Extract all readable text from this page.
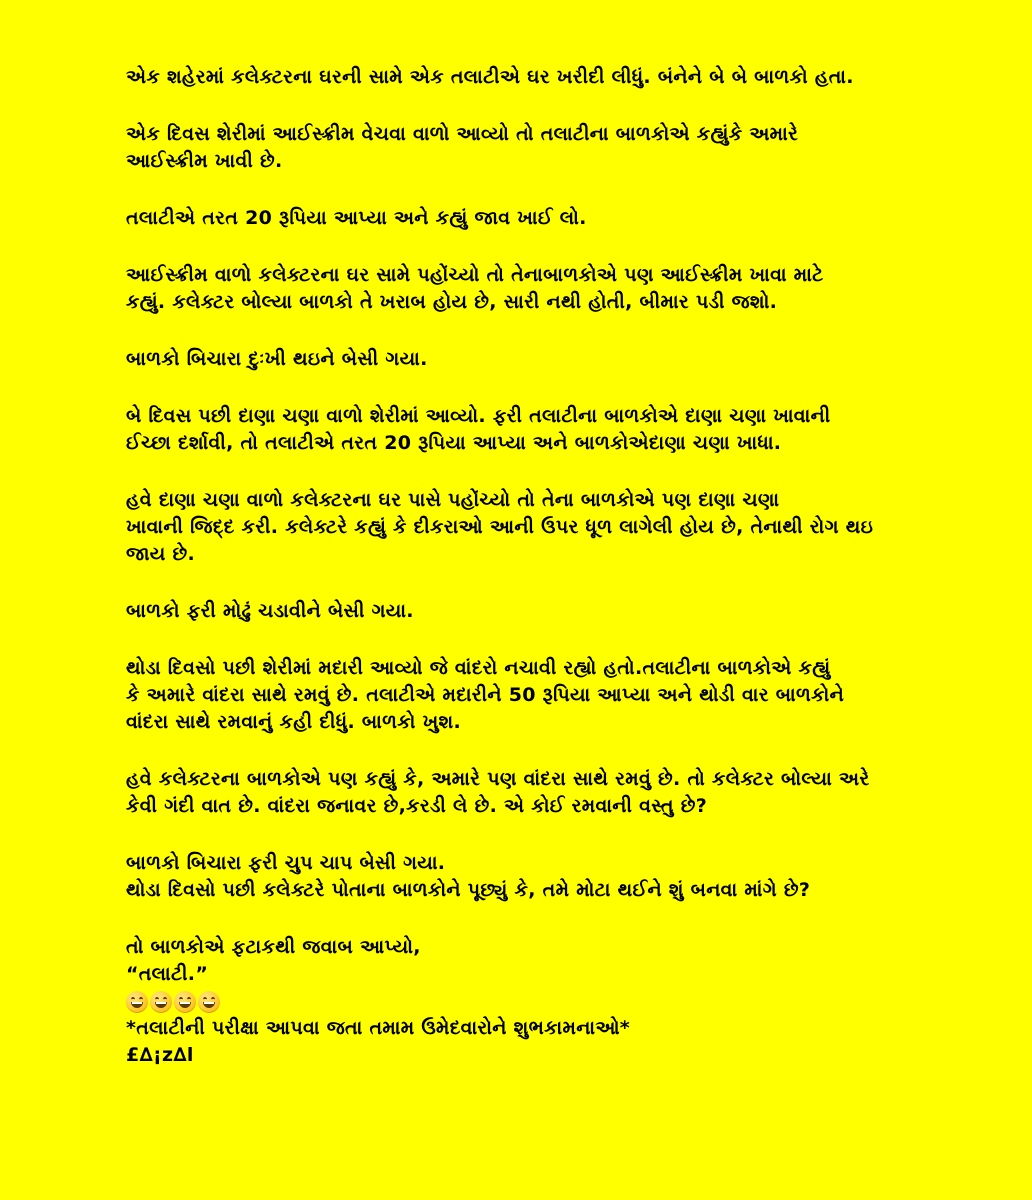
એક શહેરમાં કલેક્ટરના ઘરની સામે એક તલાટીએ ઘર ખરીદી લીધું. બંનેને બે બે બાળકો હતા.
એક દિવસ શેરીમાં આઈસ્ક્રીમ વેચવા વાળો આવ્યો તો તલાટીના બાળકોએ કહ્યુંકે અમારે
આઈસ્ક્રીમ ખાવી છે.
તલાટીએ તરત 20 રૂપિયા આપ્યા અને કહ્યું જાવ ખાઈ લો.
આઈસ્ક્રીમ વાળો કલેક્ટરના ઘર સામે પહોંચ્યો તો તેનાબાળકોએ પણ આઈસ્ક્રીમ ખાવા માટે
કહ્યું. કલેક્ટર બોલ્યા બાળકો તે ખરાબ હોય છે, સારી નથી હોતી, બીમાર પડી જશો.
બાળકો બિચારા દુઃખી થઇને બેસી ગયા.
બે દિવસ પછી દાણા ચણા વાળો શેરીમાં આવ્યો. ફરી તલાટીના બાળકોએ દાણા ચણા ખાવાની
ઈચ્છા દર્શાવી, તો તલાટીએ તરત 20 રૂપિયા આપ્યા અને બાળકોએદાણા ચણા ખાધા.
હવે દાણા ચણા વાળો કલેક્ટરના ઘર પાસે પહોંચ્યો તો તેના બાળકોએ પણ દાણા ચણા
ખાવાની જિદ્દ કરી. કલેક્ટરે કહ્યું કે દીકરાઓ આની ઉપર ધૂળ લાગેલી હોય છે, તેનાથી રોગ થઇ
જાય છે.
બાળકો ફરી મોઢું ચડાવીને બેસી ગયા.
થોડા દિવસો પછી શેરીમાં મદારી આવ્યો જે વાંદરો નચાવી રહ્યો હતો.તલાટીના બાળકોએ કહ્યું
કે અમારે વાંદરા સાથે રમવું છે. તલાટીએ મદારીને 50 રૂપિયા આપ્યા અને થોડી વાર બાળકોને
વાંદરા સાથે રમવાનું કહી દીધું. બાળકો ખુશ.
હવે કલેક્ટરના બાળકોએ પણ કહ્યું કે, અમારે પણ વાંદરા સાથે રમવું છે. તો કલેક્ટર બોલ્યા અરે
કેવી ગંદી વાત છે. વાંદરા જનાવર છે,કરડી લે છે. એ કોઈ રમવાની વસ્તુ છે?
બાળકો બિચારા ફરી ચુપ ચાપ બેસી ગયા.
થોડા દિવસો પછી કલેક્ટરે પોતાના બાળકોને પૂછ્યું કે, તમે મોટા થઈને શું બનવા માંગે છે?
તો બાળકોએ ફટાકથી જવાબ આપ્યો,
“તલાટી.”
*તલાટીની પરીક્ષા આપવા જતા તમામ ઉમેદવારોને શુભકામનાઓ*
£∆¡z∆l
